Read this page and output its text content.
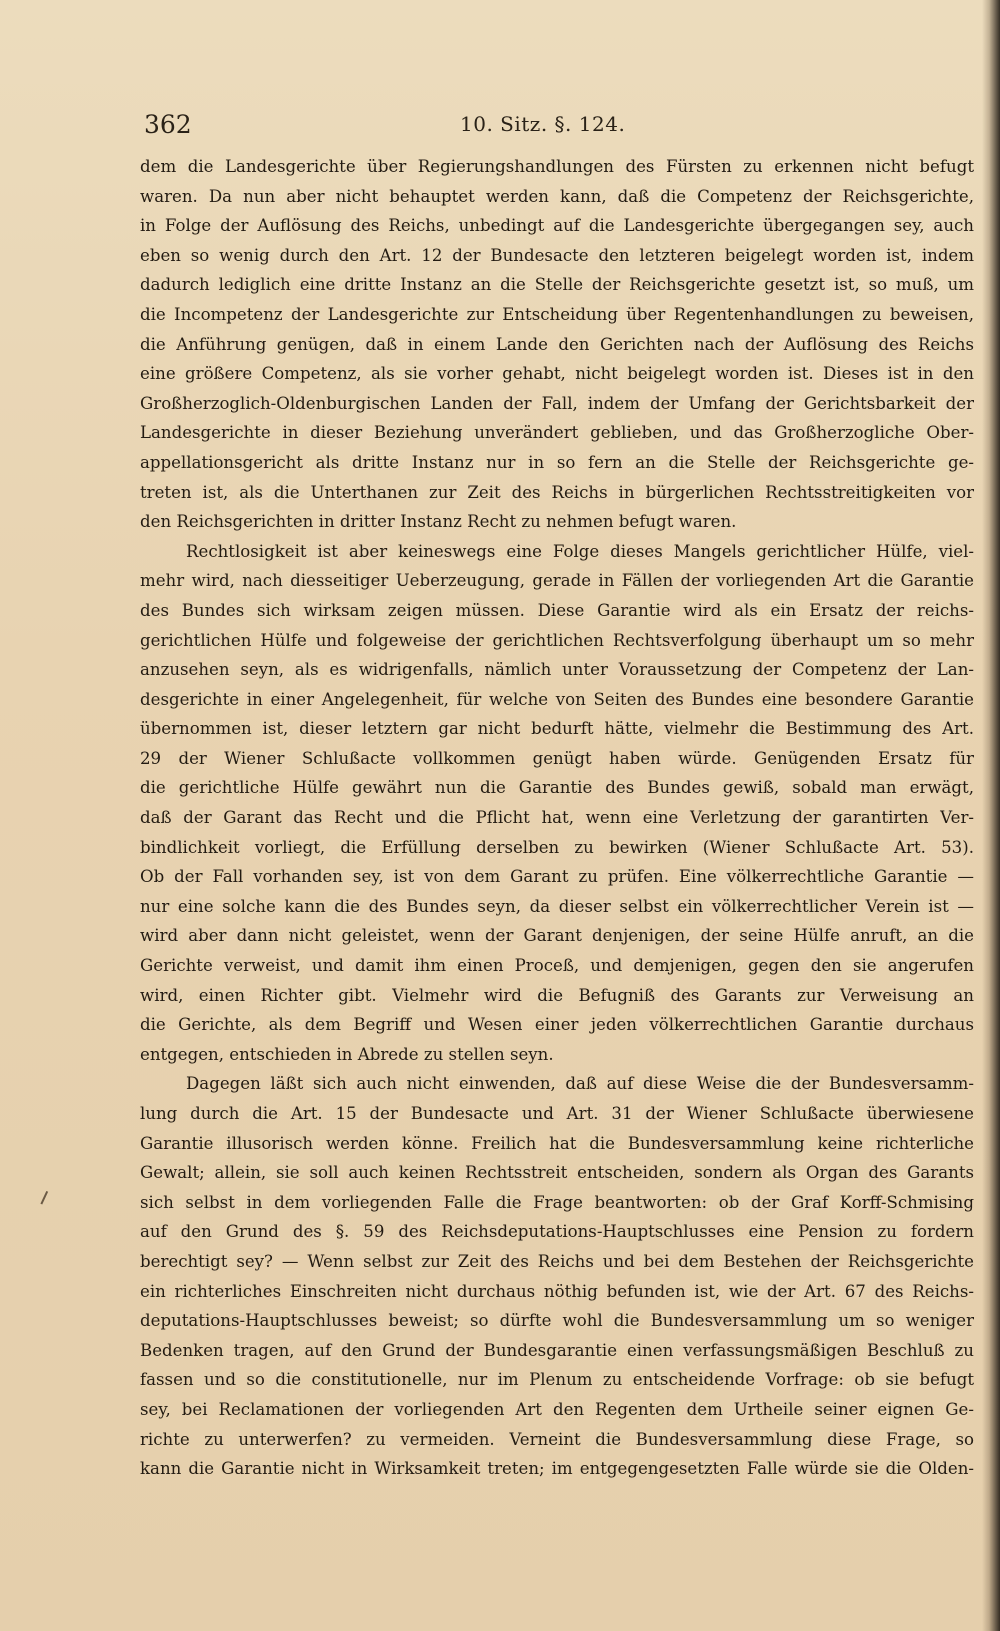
362	10. Sitz. §. 124.
dem die Landesgerichte über Regierungshandlungen des Fürsten zu erkennen nicht befugt
waren. Da nun aber nicht behauptet werden kann, daß die Competenz der Reichsgerichte,
in Folge der Auflösung des Reichs, unbedingt auf die Landesgerichte übergegangen sey, auch
eben so wenig durch den Art. 12 der Bundesacte den letzteren beigelegt worden ist, indem
dadurch lediglich eine dritte Instanz an die Stelle der Reichsgerichte gesetzt ist, so muß, um
die Incompetenz der Landesgerichte zur Entscheidung über Regentenhandlungen zu beweisen,
die Anführung genügen, daß in einem Lande den Gerichten nach der Auflösung des Reichs
eine größere Competenz, als sie vorher gehabt, nicht beigelegt worden ist. Dieses ist in den
Großherzoglich-Oldenburgischen Landen der Fall, indem der Umfang der Gerichtsbarkeit der
Landesgerichte in dieser Beziehung unverändert geblieben, und das Großherzogliche Ober-
appellationsgericht als dritte Instanz nur in so fern an die Stelle der Reichsgerichte ge-
treten ist, als die Unterthanen zur Zeit des Reichs in bürgerlichen Rechtsstreitigkeiten vor
den Reichsgerichten in dritter Instanz Recht zu nehmen befugt waren.
Rechtlosigkeit ist aber keineswegs eine Folge dieses Mangels gerichtlicher Hülfe, viel-
mehr wird, nach diesseitiger Ueberzeugung, gerade in Fällen der vorliegenden Art die Garantie
des Bundes sich wirksam zeigen müssen. Diese Garantie wird als ein Ersatz der reichs-
gerichtlichen Hülfe und folgeweise der gerichtlichen Rechtsverfolgung überhaupt um so mehr
anzusehen seyn, als es widrigenfalls, nämlich unter Voraussetzung der Competenz der Lan-
desgerichte in einer Angelegenheit, für welche von Seiten des Bundes eine besondere Garantie
übernommen ist, dieser letztern gar nicht bedurft hätte, vielmehr die Bestimmung des Art.
29 der Wiener Schlußacte vollkommen genügt haben würde. Genügenden Ersatz für
die gerichtliche Hülfe gewährt nun die Garantie des Bundes gewiß, sobald man erwägt,
daß der Garant das Recht und die Pflicht hat, wenn eine Verletzung der garantirten Ver-
bindlichkeit vorliegt, die Erfüllung derselben zu bewirken (Wiener Schlußacte Art. 53).
Ob der Fall vorhanden sey, ist von dem Garant zu prüfen. Eine völkerrechtliche Garantie —
nur eine solche kann die des Bundes seyn, da dieser selbst ein völkerrechtlicher Verein ist —
wird aber dann nicht geleistet, wenn der Garant denjenigen, der seine Hülfe anruft, an die
Gerichte verweist, und damit ihm einen Proceß, und demjenigen, gegen den sie angerufen
wird, einen Richter gibt. Vielmehr wird die Befugniß des Garants zur Verweisung an
die Gerichte, als dem Begriff und Wesen einer jeden völkerrechtlichen Garantie durchaus
entgegen, entschieden in Abrede zu stellen seyn.
Dagegen läßt sich auch nicht einwenden, daß auf diese Weise die der Bundesversamm-
lung durch die Art. 15 der Bundesacte und Art. 31 der Wiener Schlußacte überwiesene
Garantie illusorisch werden könne. Freilich hat die Bundesversammlung keine richterliche
Gewalt; allein, sie soll auch keinen Rechtsstreit entscheiden, sondern als Organ des Garants
sich selbst in dem vorliegenden Falle die Frage beantworten: ob der Graf Korff-Schmising
auf den Grund des §. 59 des Reichsdeputations-Hauptschlusses eine Pension zu fordern
berechtigt sey? — Wenn selbst zur Zeit des Reichs und bei dem Bestehen der Reichsgerichte
ein richterliches Einschreiten nicht durchaus nöthig befunden ist, wie der Art. 67 des Reichs-
deputations-Hauptschlusses beweist; so dürfte wohl die Bundesversammlung um so weniger
Bedenken tragen, auf den Grund der Bundesgarantie einen verfassungsmäßigen Beschluß zu
fassen und so die constitutionelle, nur im Plenum zu entscheidende Vorfrage: ob sie befugt
sey, bei Reclamationen der vorliegenden Art den Regenten dem Urtheile seiner eignen Ge-
richte zu unterwerfen? zu vermeiden. Verneint die Bundesversammlung diese Frage, so
kann die Garantie nicht in Wirksamkeit treten; im entgegengesetzten Falle würde sie die Olden-
